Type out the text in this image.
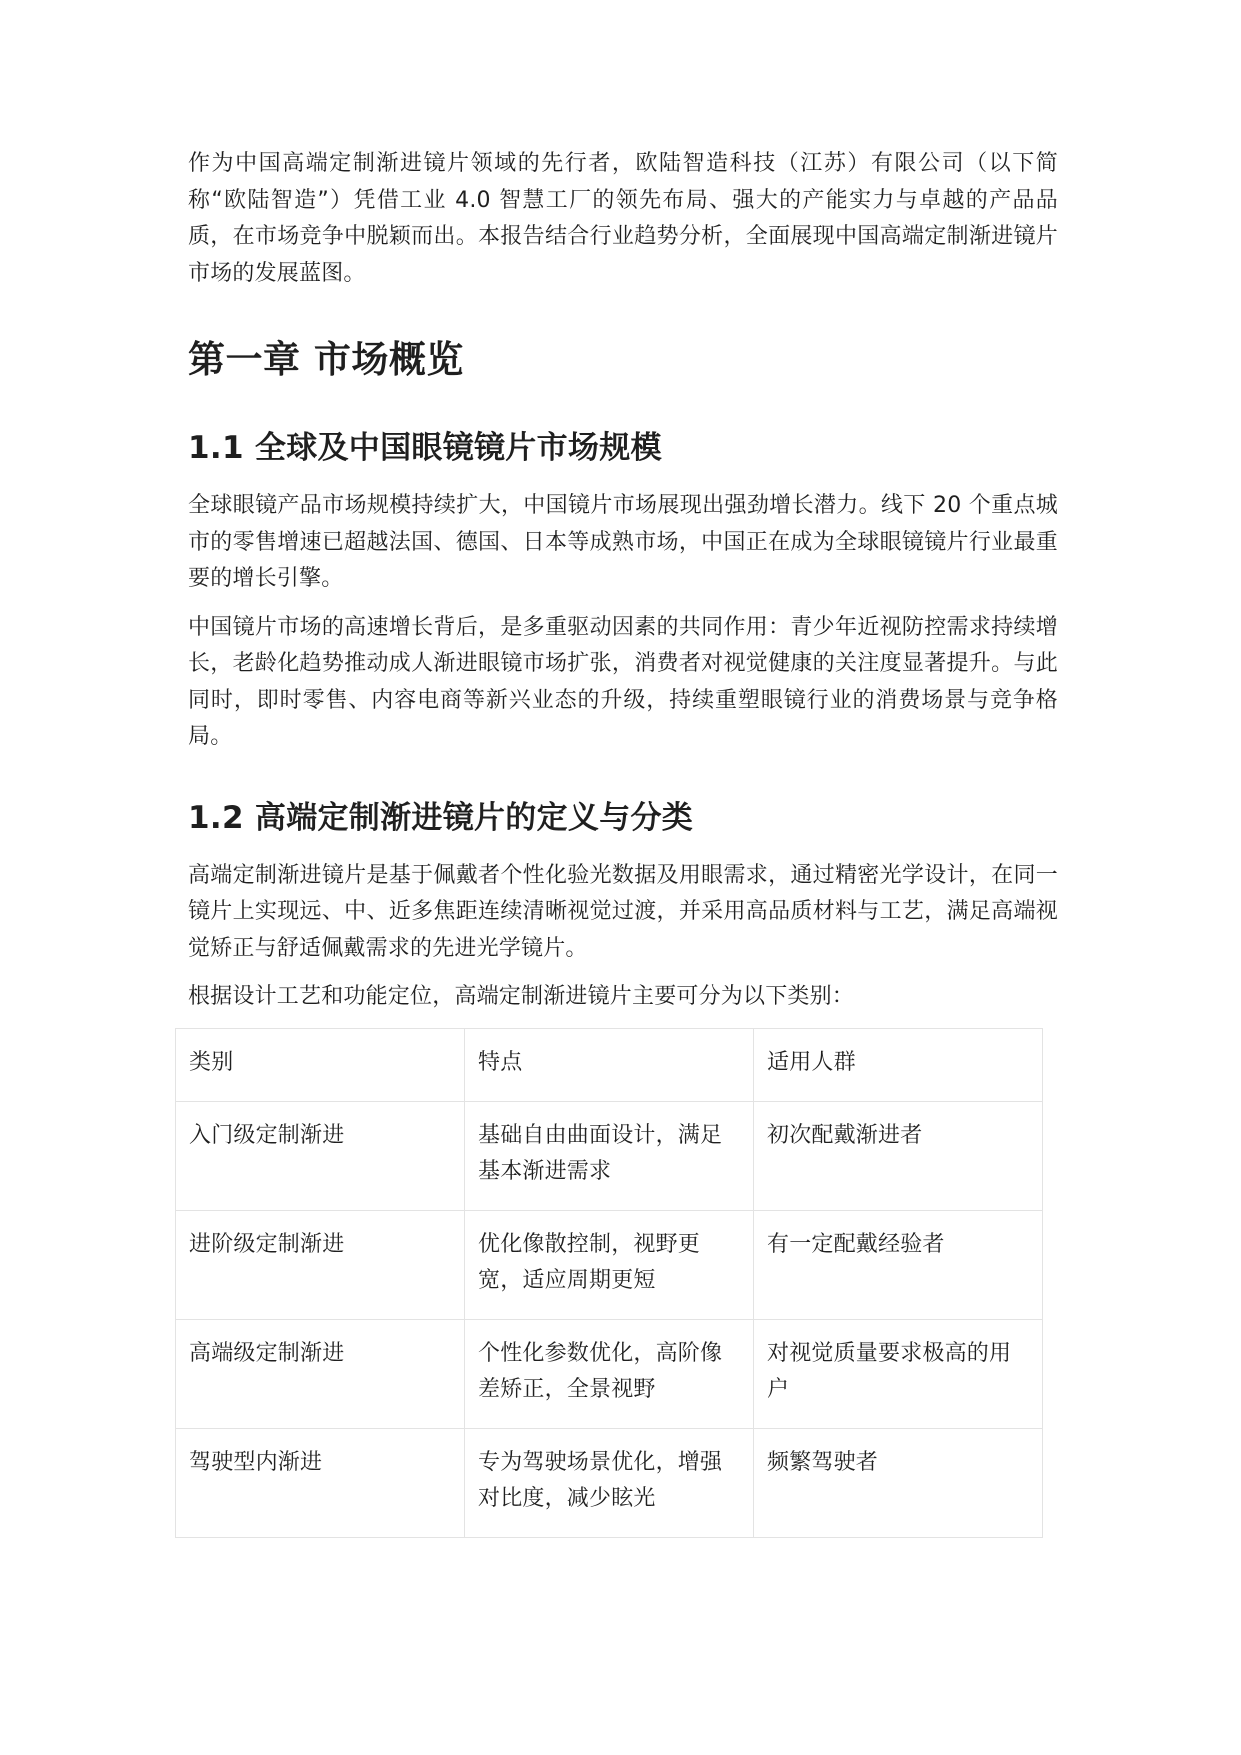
作为中国高端定制渐进镜片领域的先行者，欧陆智造科技（江苏）有限公司（以下简称“欧陆智造”）凭借工业 4.0 智慧工厂的领先布局、强大的产能实力与卓越的产品品质，在市场竞争中脱颖而出。本报告结合行业趋势分析，全面展现中国高端定制渐进镜片市场的发展蓝图。

第一章 市场概览
1.1 全球及中国眼镜镜片市场规模

全球眼镜产品市场规模持续扩大，中国镜片市场展现出强劲增长潜力。线下 20 个重点城市的零售增速已超越法国、德国、日本等成熟市场，中国正在成为全球眼镜镜片行业最重要的增长引擎。

中国镜片市场的高速增长背后，是多重驱动因素的共同作用：青少年近视防控需求持续增长，老龄化趋势推动成人渐进眼镜市场扩张，消费者对视觉健康的关注度显著提升。与此同时，即时零售、内容电商等新兴业态的升级，持续重塑眼镜行业的消费场景与竞争格局。

1.2 高端定制渐进镜片的定义与分类

高端定制渐进镜片是基于佩戴者个性化验光数据及用眼需求，通过精密光学设计，在同一镜片上实现远、中、近多焦距连续清晰视觉过渡，并采用高品质材料与工艺，满足高端视觉矫正与舒适佩戴需求的先进光学镜片。

根据设计工艺和功能定位，高端定制渐进镜片主要可分为以下类别：

类别	特点	适用人群
入门级定制渐进	基础自由曲面设计，满足基本渐进需求	初次配戴渐进者
进阶级定制渐进	优化像散控制，视野更宽，适应周期更短	有一定配戴经验者
高端级定制渐进	个性化参数优化，高阶像差矫正，全景视野	对视觉质量要求极高的用户
驾驶型内渐进	专为驾驶场景优化，增强对比度，减少眩光	频繁驾驶者
